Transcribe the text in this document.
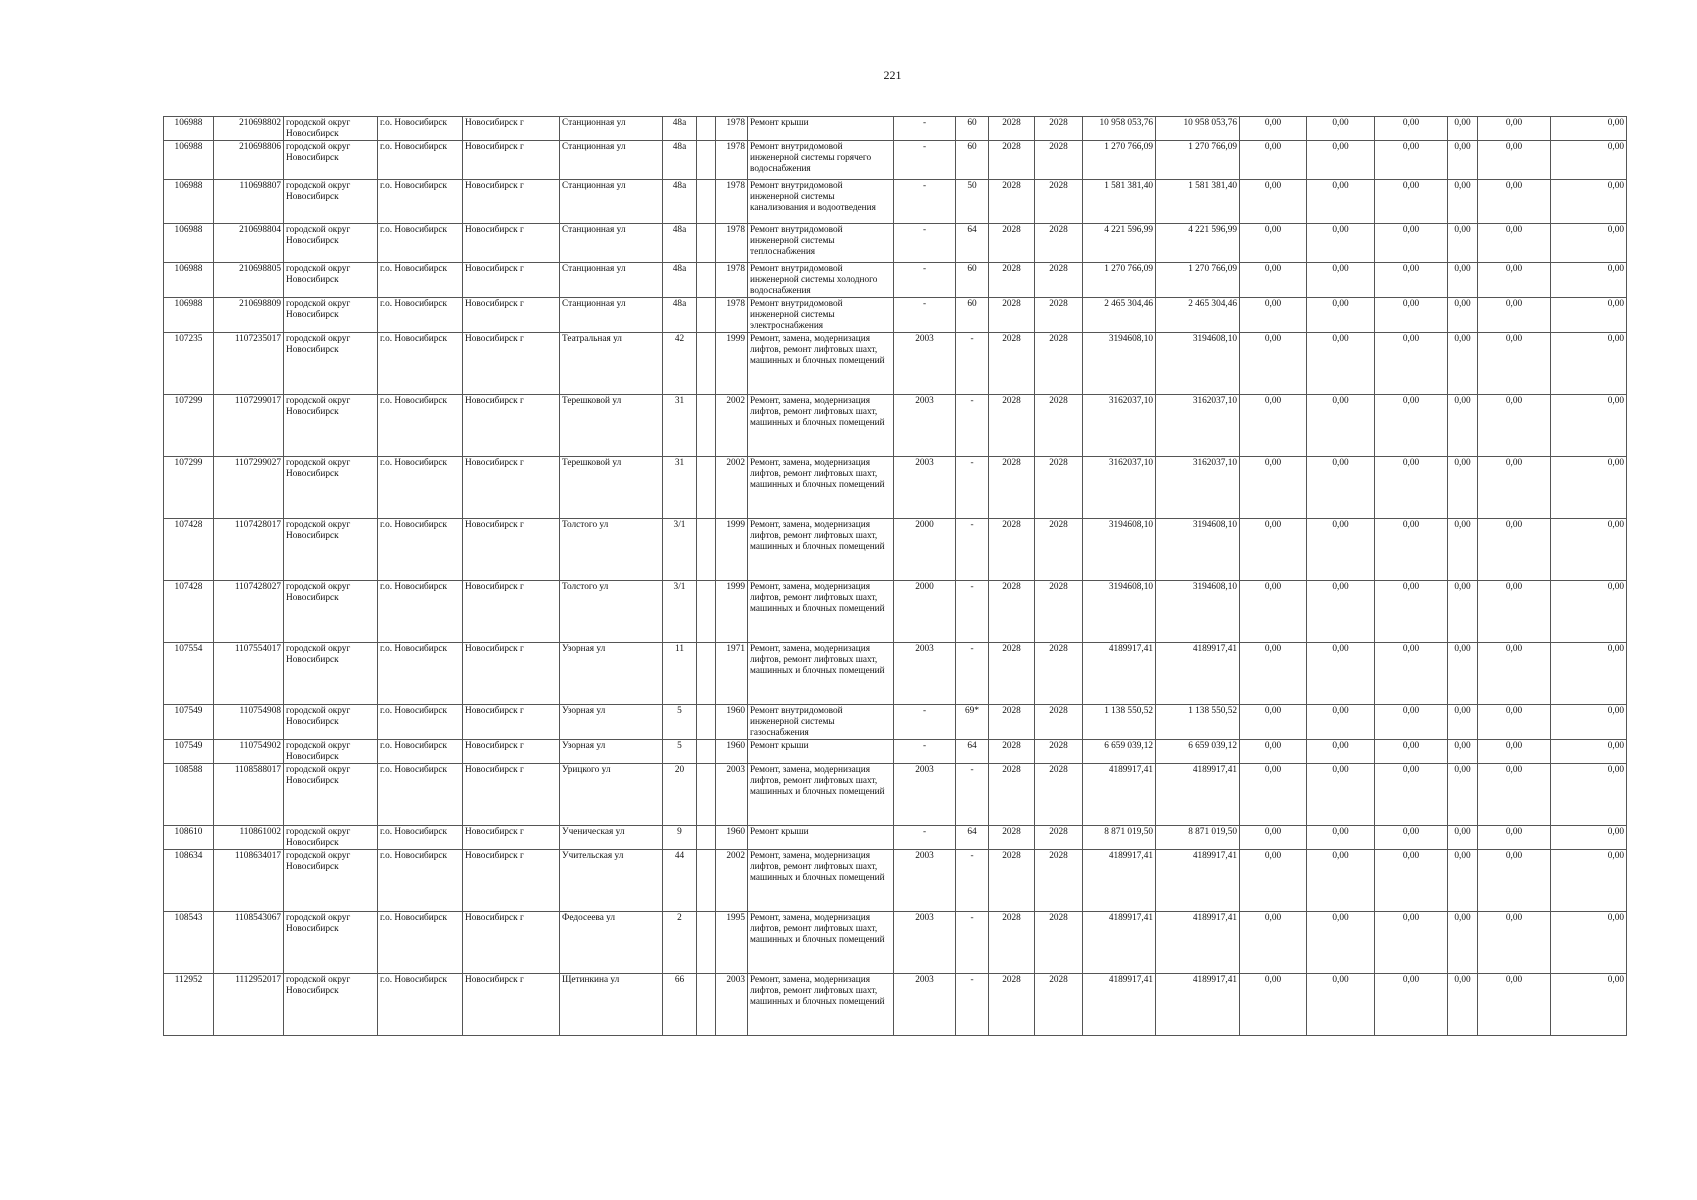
221
106988	210698802	городской округ Новосибирск	г.о. Новосибирск	Новосибирск г	Станционная ул	48а		1978	Ремонт крыши	-	60	2028	2028	10 958 053,76	10 958 053,76	0,00	0,00	0,00	0,00	0,00	0,00
106988	210698806	городской округ Новосибирск	г.о. Новосибирск	Новосибирск г	Станционная ул	48а		1978	Ремонт внутридомовой инженерной системы горячего водоснабжения	-	60	2028	2028	1 270 766,09	1 270 766,09	0,00	0,00	0,00	0,00	0,00	0,00
106988	110698807	городской округ Новосибирск	г.о. Новосибирск	Новосибирск г	Станционная ул	48а		1978	Ремонт внутридомовой инженерной системы канализования и водоотведения	-	50	2028	2028	1 581 381,40	1 581 381,40	0,00	0,00	0,00	0,00	0,00	0,00
106988	210698804	городской округ Новосибирск	г.о. Новосибирск	Новосибирск г	Станционная ул	48а		1978	Ремонт внутридомовой инженерной системы теплоснабжения	-	64	2028	2028	4 221 596,99	4 221 596,99	0,00	0,00	0,00	0,00	0,00	0,00
106988	210698805	городской округ Новосибирск	г.о. Новосибирск	Новосибирск г	Станционная ул	48а		1978	Ремонт внутридомовой инженерной системы холодного водоснабжения	-	60	2028	2028	1 270 766,09	1 270 766,09	0,00	0,00	0,00	0,00	0,00	0,00
106988	210698809	городской округ Новосибирск	г.о. Новосибирск	Новосибирск г	Станционная ул	48а		1978	Ремонт внутридомовой инженерной системы электроснабжения	-	60	2028	2028	2 465 304,46	2 465 304,46	0,00	0,00	0,00	0,00	0,00	0,00
107235	1107235017	городской округ Новосибирск	г.о. Новосибирск	Новосибирск г	Театральная ул	42		1999	Ремонт, замена, модернизация лифтов, ремонт лифтовых шахт, машинных и блочных помещений	2003	-	2028	2028	3194608,10	3194608,10	0,00	0,00	0,00	0,00	0,00	0,00
107299	1107299017	городской округ Новосибирск	г.о. Новосибирск	Новосибирск г	Терешковой ул	31		2002	Ремонт, замена, модернизация лифтов, ремонт лифтовых шахт, машинных и блочных помещений	2003	-	2028	2028	3162037,10	3162037,10	0,00	0,00	0,00	0,00	0,00	0,00
107299	1107299027	городской округ Новосибирск	г.о. Новосибирск	Новосибирск г	Терешковой ул	31		2002	Ремонт, замена, модернизация лифтов, ремонт лифтовых шахт, машинных и блочных помещений	2003	-	2028	2028	3162037,10	3162037,10	0,00	0,00	0,00	0,00	0,00	0,00
107428	1107428017	городской округ Новосибирск	г.о. Новосибирск	Новосибирск г	Толстого ул	3/1		1999	Ремонт, замена, модернизация лифтов, ремонт лифтовых шахт, машинных и блочных помещений	2000	-	2028	2028	3194608,10	3194608,10	0,00	0,00	0,00	0,00	0,00	0,00
107428	1107428027	городской округ Новосибирск	г.о. Новосибирск	Новосибирск г	Толстого ул	3/1		1999	Ремонт, замена, модернизация лифтов, ремонт лифтовых шахт, машинных и блочных помещений	2000	-	2028	2028	3194608,10	3194608,10	0,00	0,00	0,00	0,00	0,00	0,00
107554	1107554017	городской округ Новосибирск	г.о. Новосибирск	Новосибирск г	Узорная ул	11		1971	Ремонт, замена, модернизация лифтов, ремонт лифтовых шахт, машинных и блочных помещений	2003	-	2028	2028	4189917,41	4189917,41	0,00	0,00	0,00	0,00	0,00	0,00
107549	110754908	городской округ Новосибирск	г.о. Новосибирск	Новосибирск г	Узорная ул	5		1960	Ремонт внутридомовой инженерной системы газоснабжения	-	69*	2028	2028	1 138 550,52	1 138 550,52	0,00	0,00	0,00	0,00	0,00	0,00
107549	110754902	городской округ Новосибирск	г.о. Новосибирск	Новосибирск г	Узорная ул	5		1960	Ремонт крыши	-	64	2028	2028	6 659 039,12	6 659 039,12	0,00	0,00	0,00	0,00	0,00	0,00
108588	1108588017	городской округ Новосибирск	г.о. Новосибирск	Новосибирск г	Урицкого ул	20		2003	Ремонт, замена, модернизация лифтов, ремонт лифтовых шахт, машинных и блочных помещений	2003	-	2028	2028	4189917,41	4189917,41	0,00	0,00	0,00	0,00	0,00	0,00
108610	110861002	городской округ Новосибирск	г.о. Новосибирск	Новосибирск г	Ученическая ул	9		1960	Ремонт крыши	-	64	2028	2028	8 871 019,50	8 871 019,50	0,00	0,00	0,00	0,00	0,00	0,00
108634	1108634017	городской округ Новосибирск	г.о. Новосибирск	Новосибирск г	Учительская ул	44		2002	Ремонт, замена, модернизация лифтов, ремонт лифтовых шахт, машинных и блочных помещений	2003	-	2028	2028	4189917,41	4189917,41	0,00	0,00	0,00	0,00	0,00	0,00
108543	1108543067	городской округ Новосибирск	г.о. Новосибирск	Новосибирск г	Федосеева ул	2		1995	Ремонт, замена, модернизация лифтов, ремонт лифтовых шахт, машинных и блочных помещений	2003	-	2028	2028	4189917,41	4189917,41	0,00	0,00	0,00	0,00	0,00	0,00
112952	1112952017	городской округ Новосибирск	г.о. Новосибирск	Новосибирск г	Щетинкина ул	66		2003	Ремонт, замена, модернизация лифтов, ремонт лифтовых шахт, машинных и блочных помещений	2003	-	2028	2028	4189917,41	4189917,41	0,00	0,00	0,00	0,00	0,00	0,00
